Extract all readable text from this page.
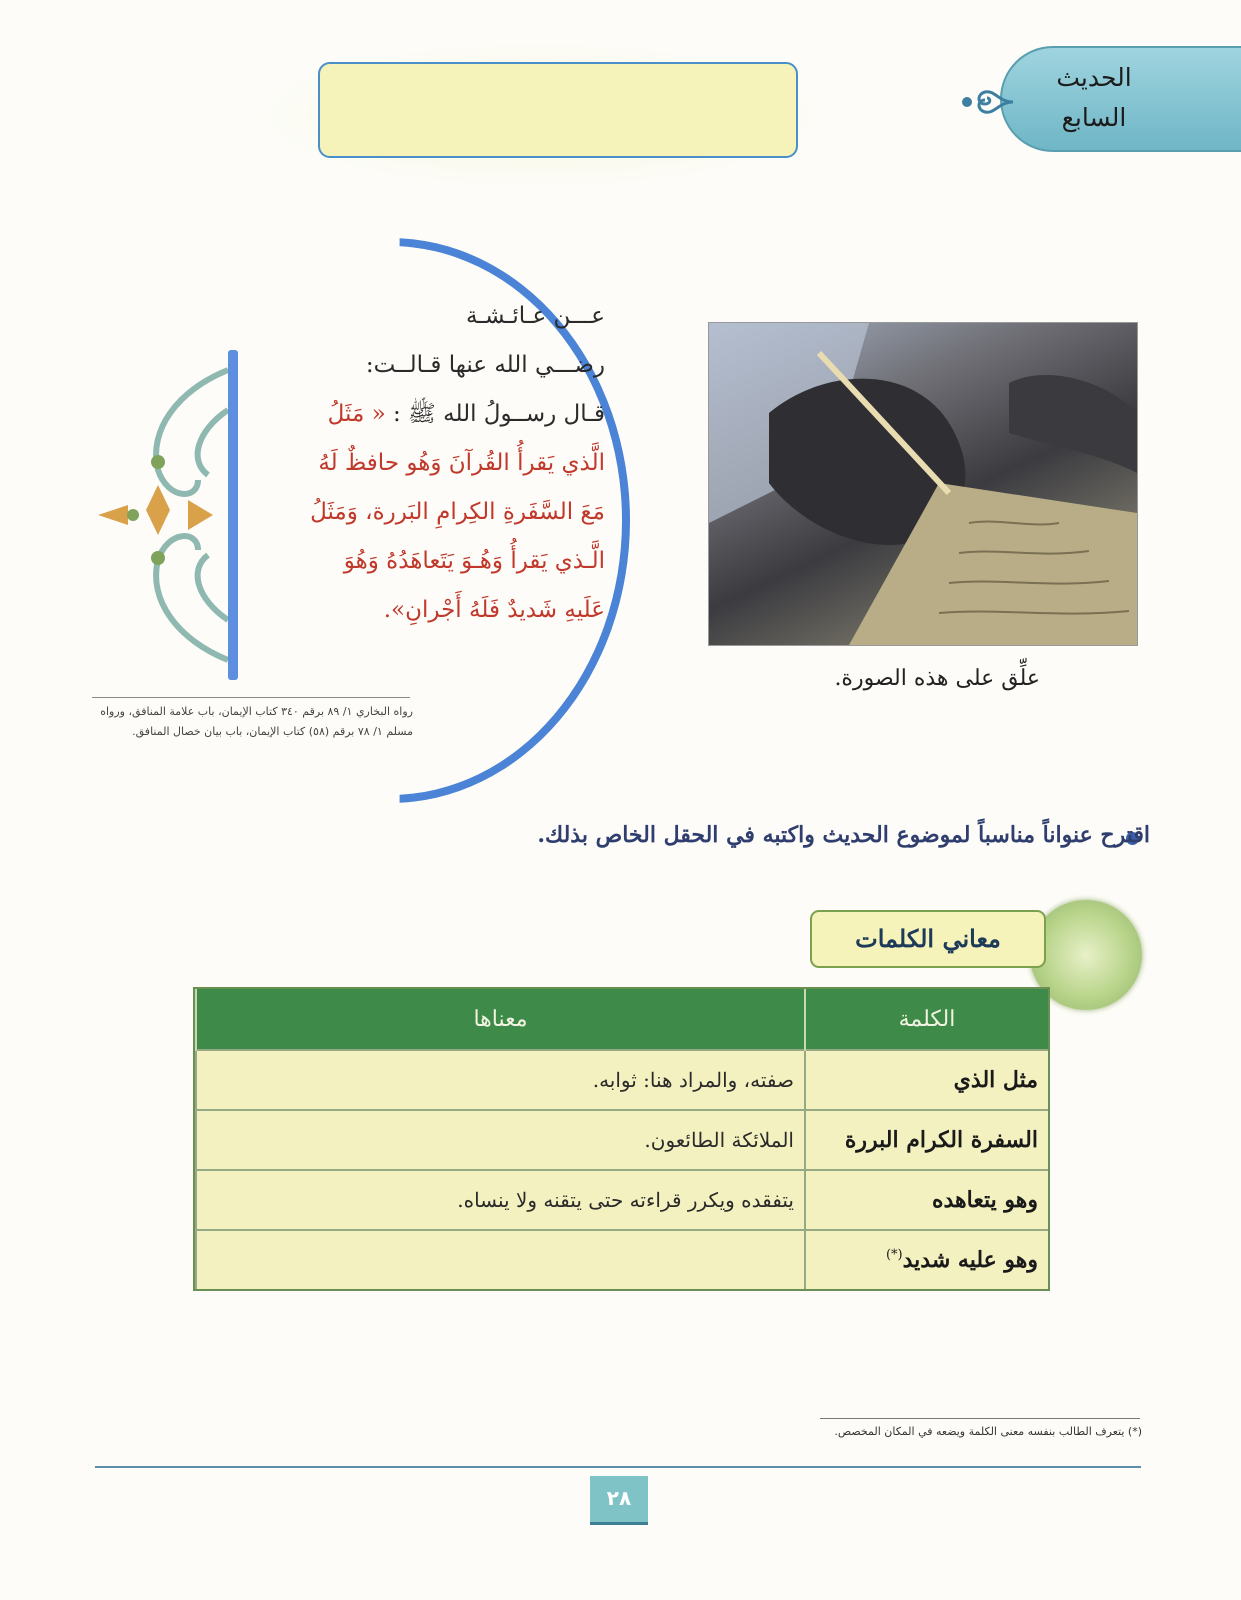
الحديث
السابع
عـــن عـائـشـة
رضـــي الله عنها قـالــت:
قـال رســولُ الله ﷺ : « مَثَلُ
الَّذي يَقرأُ القُرآنَ وَهُو حافظٌ لَهُ
مَعَ السَّفَرةِ الكِرامِ البَررة، وَمَثَلُ
الَّـذي يَقرأُ وَهُـوَ يَتَعاهَدُهُ وَهُوَ
عَلَيهِ شَديدٌ فَلَهُ أَجْرانِ».
رواه البخاري ١/ ٨٩ برقم ٣٤٠ كتاب الإيمان، باب علامة المنافق، ورواه مسلم ١/ ٧٨ برقم (٥٨) كتاب الإيمان، باب بيان خصال المنافق.
علِّق على هذه الصورة.
اقترح عنواناً مناسباً لموضوع الحديث واكتبه في الحقل الخاص بذلك.
معاني الكلمات
الكلمة	معناها
مثل الذي	صفته، والمراد هنا: ثوابه.
السفرة الكرام البررة	الملائكة الطائعون.
وهو يتعاهده	يتفقده ويكرر قراءته حتى يتقنه ولا ينساه.
وهو عليه شديد(*)	
(*) يتعرف الطالب بنفسه معنى الكلمة ويضعه في المكان المخصص.
٢٨
